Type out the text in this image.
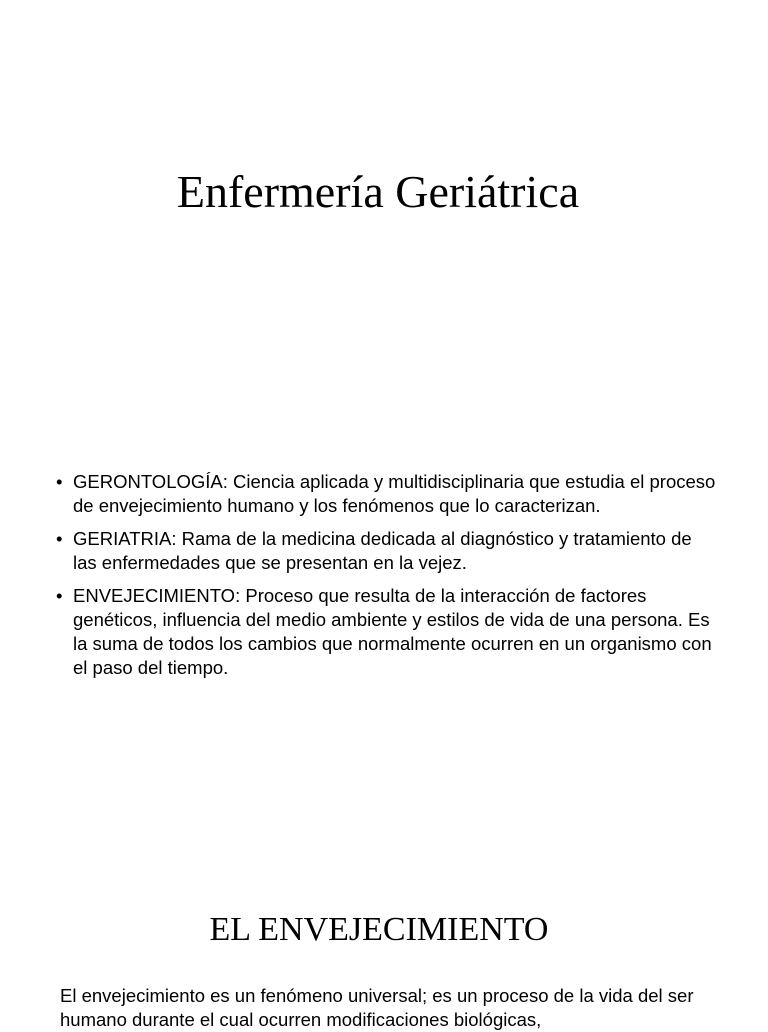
Enfermería Geriátrica
• GERONTOLOGÍA: Ciencia aplicada y multidisciplinaria que estudia el proceso de envejecimiento humano y los fenómenos que lo caracterizan.
• GERIATRIA: Rama de la medicina dedicada al diagnóstico y tratamiento de las enfermedades que se presentan en la vejez.
• ENVEJECIMIENTO: Proceso que resulta de la interacción de factores genéticos, influencia del medio ambiente y estilos de vida de una persona. Es la suma de todos los cambios que normalmente ocurren en un organismo con el paso del tiempo.
EL ENVEJECIMIENTO

El envejecimiento es un fenómeno universal; es un proceso de la vida del ser humano durante el cual ocurren modificaciones biológicas,
